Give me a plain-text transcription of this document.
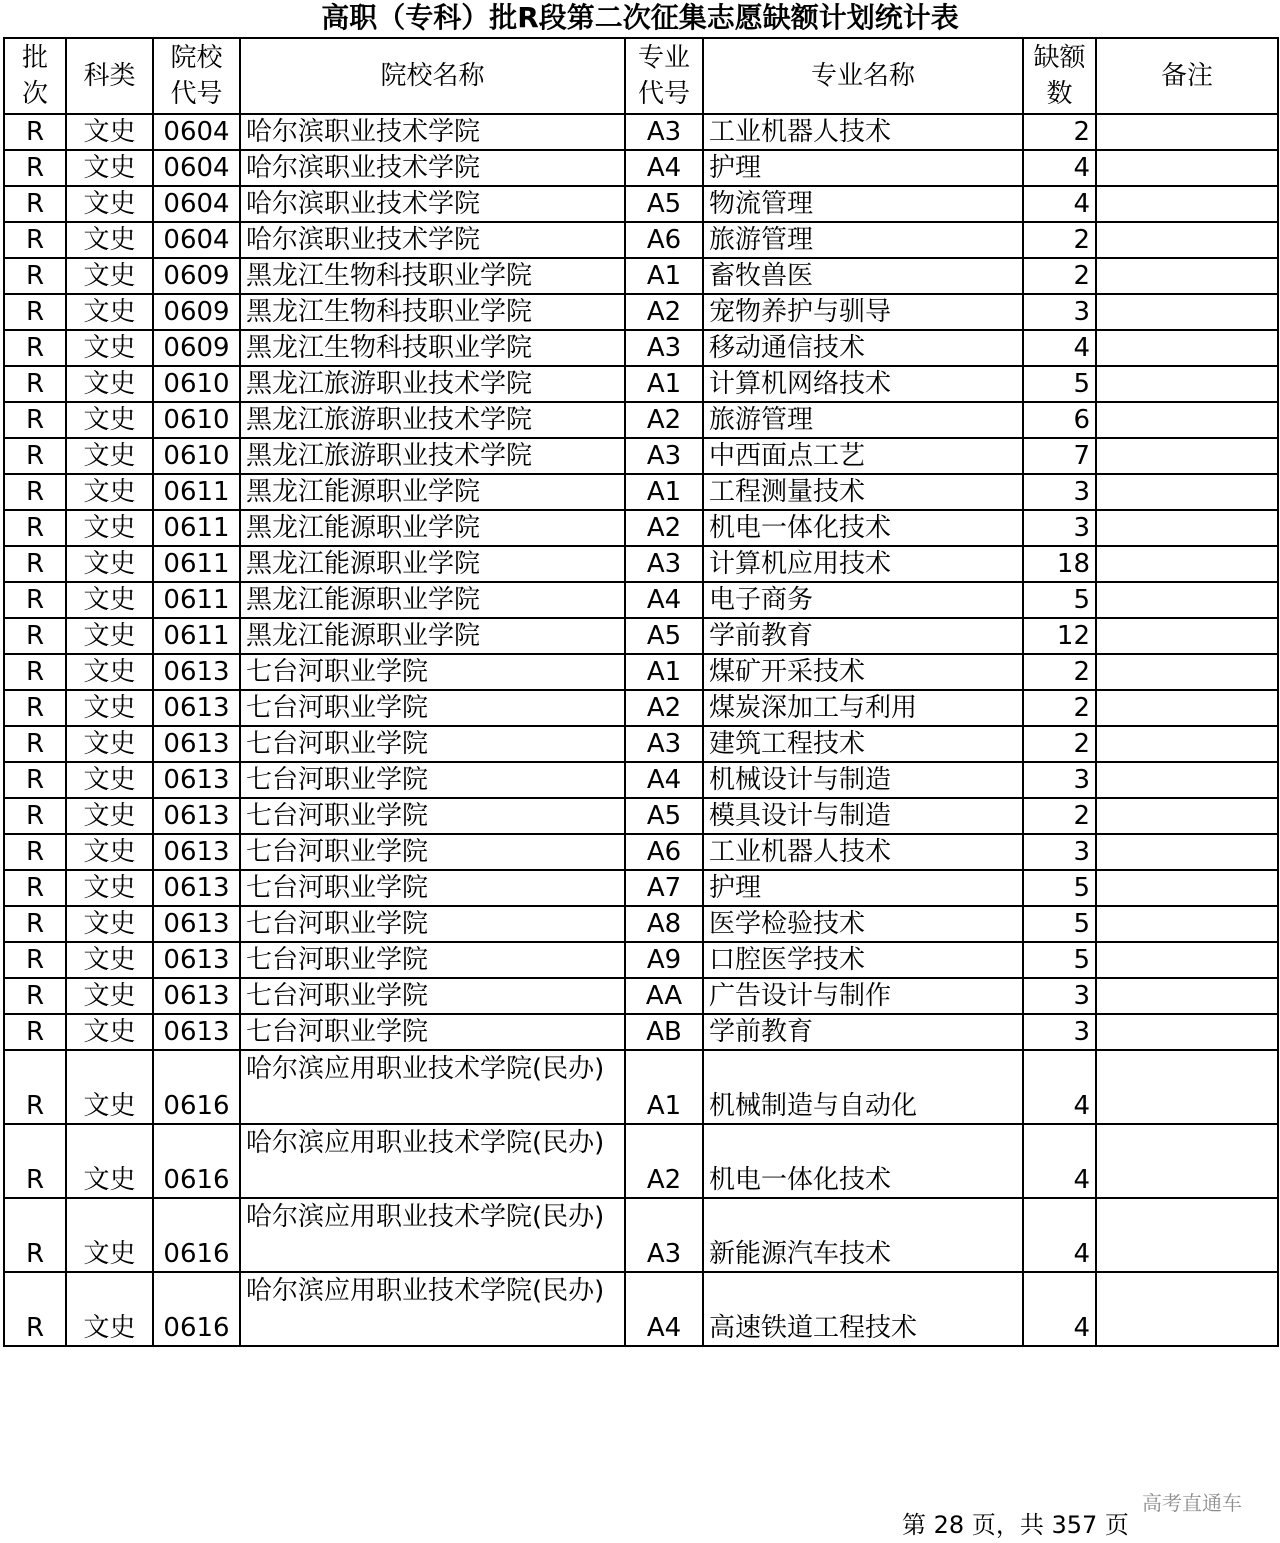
高职（专科）批R段第二次征集志愿缺额计划统计表
批次	科类	院校代号	院校名称	专业代号	专业名称	缺额数	备注
R	文史	0604	哈尔滨职业技术学院	A3	工业机器人技术	2	
R	文史	0604	哈尔滨职业技术学院	A4	护理	4	
R	文史	0604	哈尔滨职业技术学院	A5	物流管理	4	
R	文史	0604	哈尔滨职业技术学院	A6	旅游管理	2	
R	文史	0609	黑龙江生物科技职业学院	A1	畜牧兽医	2	
R	文史	0609	黑龙江生物科技职业学院	A2	宠物养护与驯导	3	
R	文史	0609	黑龙江生物科技职业学院	A3	移动通信技术	4	
R	文史	0610	黑龙江旅游职业技术学院	A1	计算机网络技术	5	
R	文史	0610	黑龙江旅游职业技术学院	A2	旅游管理	6	
R	文史	0610	黑龙江旅游职业技术学院	A3	中西面点工艺	7	
R	文史	0611	黑龙江能源职业学院	A1	工程测量技术	3	
R	文史	0611	黑龙江能源职业学院	A2	机电一体化技术	3	
R	文史	0611	黑龙江能源职业学院	A3	计算机应用技术	18	
R	文史	0611	黑龙江能源职业学院	A4	电子商务	5	
R	文史	0611	黑龙江能源职业学院	A5	学前教育	12	
R	文史	0613	七台河职业学院	A1	煤矿开采技术	2	
R	文史	0613	七台河职业学院	A2	煤炭深加工与利用	2	
R	文史	0613	七台河职业学院	A3	建筑工程技术	2	
R	文史	0613	七台河职业学院	A4	机械设计与制造	3	
R	文史	0613	七台河职业学院	A5	模具设计与制造	2	
R	文史	0613	七台河职业学院	A6	工业机器人技术	3	
R	文史	0613	七台河职业学院	A7	护理	5	
R	文史	0613	七台河职业学院	A8	医学检验技术	5	
R	文史	0613	七台河职业学院	A9	口腔医学技术	5	
R	文史	0613	七台河职业学院	AA	广告设计与制作	3	
R	文史	0613	七台河职业学院	AB	学前教育	3	
R	文史	0616	哈尔滨应用职业技术学院(民办)	A1	机械制造与自动化	4	
R	文史	0616	哈尔滨应用职业技术学院(民办)	A2	机电一体化技术	4	
R	文史	0616	哈尔滨应用职业技术学院(民办)	A3	新能源汽车技术	4	
R	文史	0616	哈尔滨应用职业技术学院(民办)	A4	高速铁道工程技术	4	
第 28 页，共 357 页
高考直通车
